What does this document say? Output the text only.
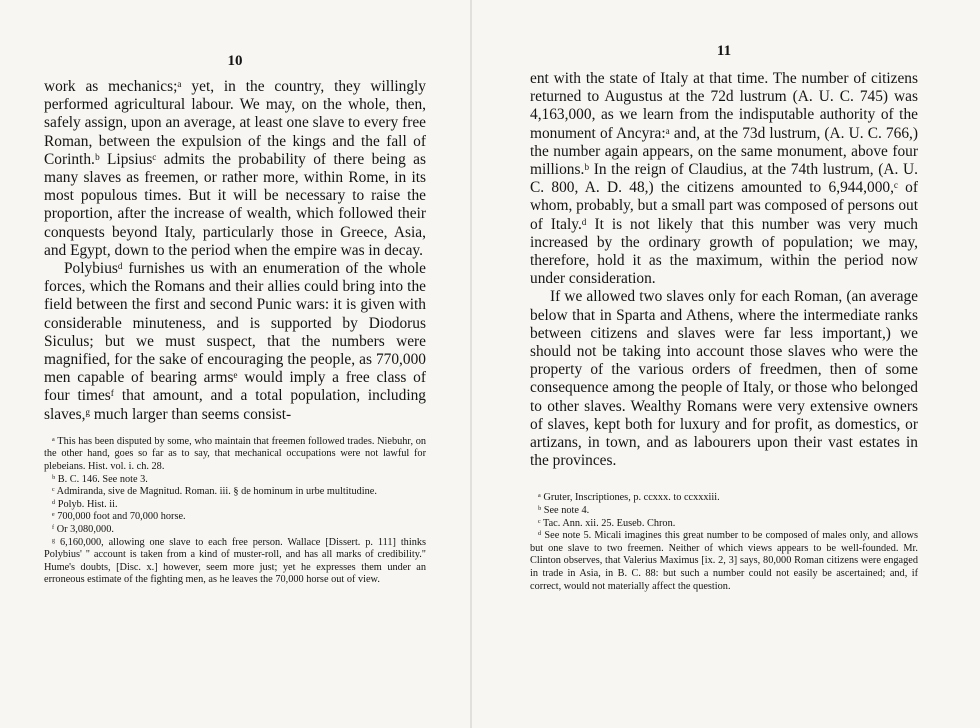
10

work as mechanics;ᵃ yet, in the country, they willingly performed agricultural labour. We may, on the whole, then, safely assign, upon an average, at least one slave to every free Roman, between the expulsion of the kings and the fall of Corinth.ᵇ Lipsiusᶜ admits the probability of there being as many slaves as freemen, or rather more, within Rome, in its most populous times. But it will be necessary to raise the proportion, after the increase of wealth, which followed their conquests beyond Italy, particularly those in Greece, Asia, and Egypt, down to the period when the empire was in decay.

Polybiusᵈ furnishes us with an enumeration of the whole forces, which the Romans and their allies could bring into the field between the first and second Punic wars: it is given with considerable minuteness, and is supported by Diodorus Siculus; but we must suspect, that the numbers were magnified, for the sake of encouraging the people, as 770,000 men capable of bearing armsᵉ would imply a free class of four timesᶠ that amount, and a total population, including slaves,ᵍ much larger than seems consist-

ᵃ This has been disputed by some, who maintain that freemen followed trades. Niebuhr, on the other hand, goes so far as to say, that mechanical occupations were not lawful for plebeians. Hist. vol. i. ch. 28.

ᵇ B. C. 146. See note 3.

ᶜ Admiranda, sive de Magnitud. Roman. iii. § de hominum in urbe multitudine.

ᵈ Polyb. Hist. ii.

ᵉ 700,000 foot and 70,000 horse.

ᶠ Or 3,080,000.

ᵍ 6,160,000, allowing one slave to each free person. Wallace [Dissert. p. 111] thinks Polybius' " account is taken from a kind of muster-roll, and has all marks of credibility." Hume's doubts, [Disc. x.] however, seem more just; yet he expresses them under an erroneous estimate of the fighting men, as he leaves the 70,000 horse out of view.

11

ent with the state of Italy at that time. The number of citizens returned to Augustus at the 72d lustrum (A. U. C. 745) was 4,163,000, as we learn from the indisputable authority of the monument of Ancyra:ᵃ and, at the 73d lustrum, (A. U. C. 766,) the number again appears, on the same monument, above four millions.ᵇ In the reign of Claudius, at the 74th lustrum, (A. U. C. 800, A. D. 48,) the citizens amounted to 6,944,000,ᶜ of whom, probably, but a small part was composed of persons out of Italy.ᵈ It is not likely that this number was very much increased by the ordinary growth of population; we may, therefore, hold it as the maximum, within the period now under consideration.

If we allowed two slaves only for each Roman, (an average below that in Sparta and Athens, where the intermediate ranks between citizens and slaves were far less important,) we should not be taking into account those slaves who were the property of the various orders of freedmen, then of some consequence among the people of Italy, or those who belonged to other slaves. Wealthy Romans were very extensive owners of slaves, kept both for luxury and for profit, as domestics, or artizans, in town, and as labourers upon their vast estates in the provinces.

ᵃ Gruter, Inscriptiones, p. ccxxx. to ccxxxiii.

ᵇ See note 4.

ᶜ Tac. Ann. xii. 25. Euseb. Chron.

ᵈ See note 5. Micali imagines this great number to be composed of males only, and allows but one slave to two freemen. Neither of which views appears to be well-founded. Mr. Clinton observes, that Valerius Maximus [ix. 2, 3] says, 80,000 Roman citizens were engaged in trade in Asia, in B. C. 88: but such a number could not easily be ascertained; and, if correct, would not materially affect the question.
